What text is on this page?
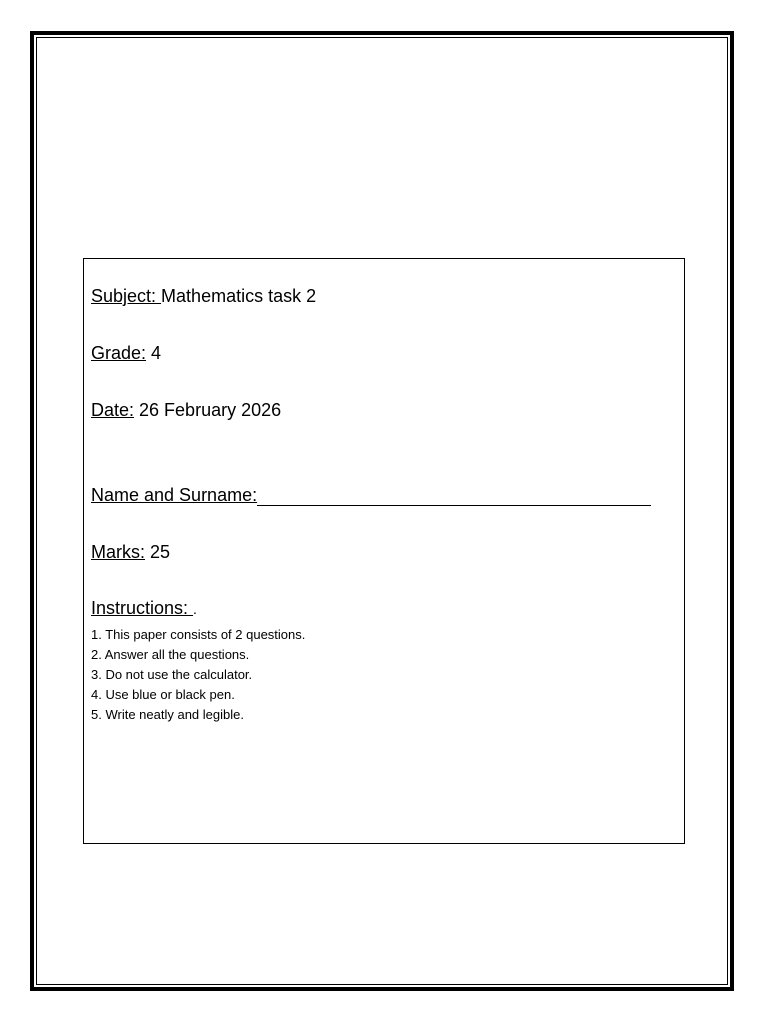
Subject: Mathematics task 2
Grade: 4
Date: 26 February 2026
Name and Surname:
Marks: 25
Instructions: .
1. This paper consists of 2 questions.
2. Answer all the questions.
3. Do not use the calculator.
4. Use blue or black pen.
5. Write neatly and legible.
